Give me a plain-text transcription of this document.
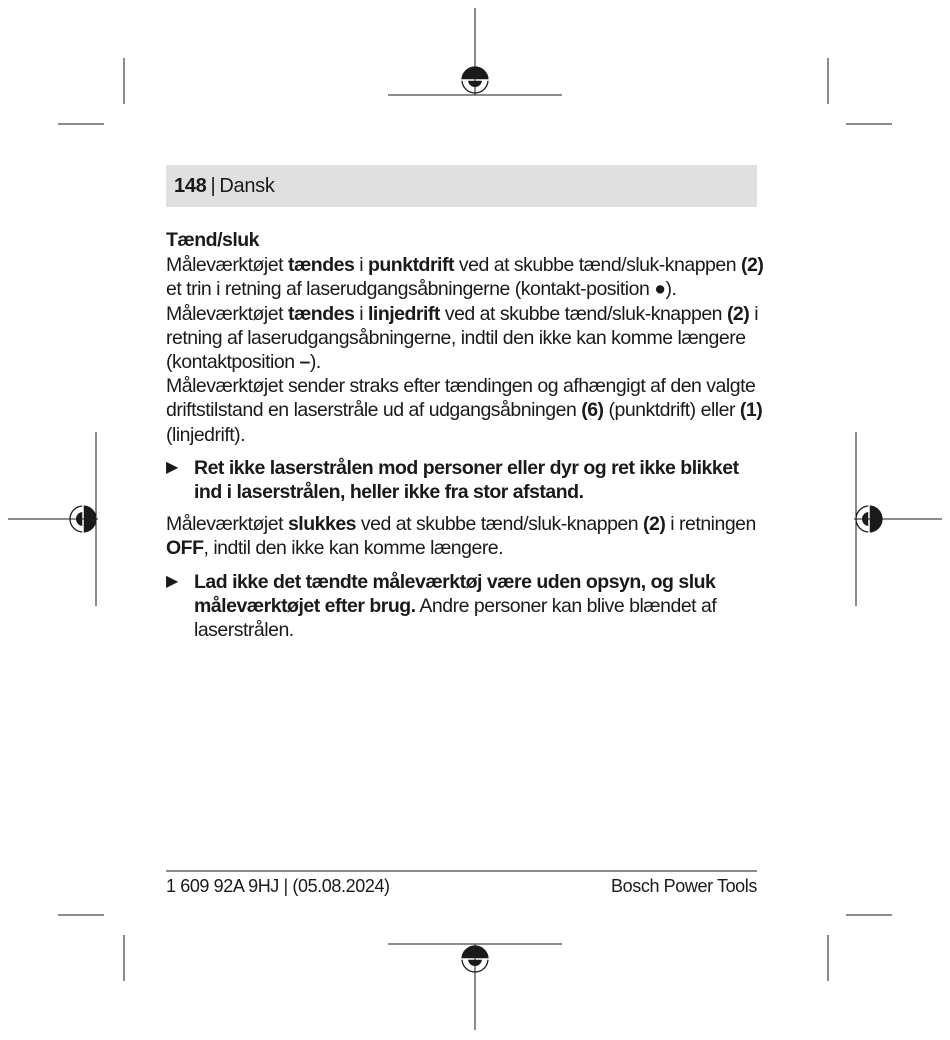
148 | Dansk

Tænd/sluk

Måleværktøjet tændes i punktdrift ved at skubbe tænd/sluk-knappen (2) et trin i retning af laserudgangsåbningerne (kontakt-position ●).

Måleværktøjet tændes i linjedrift ved at skubbe tænd/sluk-knappen (2) i retning af laserudgangsåbningerne, indtil den ikke kan komme længere (kontaktposition –).

Måleværktøjet sender straks efter tændingen og afhængigt af den valgte driftstilstand en laserstråle ud af udgangsåbningen (6) (punktdrift) eller (1) (linjedrift).

▶ Ret ikke laserstrålen mod personer eller dyr og ret ikke blikket ind i laserstrålen, heller ikke fra stor afstand.

Måleværktøjet slukkes ved at skubbe tænd/sluk-knappen (2) i retningen OFF, indtil den ikke kan komme længere.

▶ Lad ikke det tændte måleværktøj være uden opsyn, og sluk måleværktøjet efter brug. Andre personer kan blive blændet af laserstrålen.

1 609 92A 9HJ | (05.08.2024)	Bosch Power Tools
